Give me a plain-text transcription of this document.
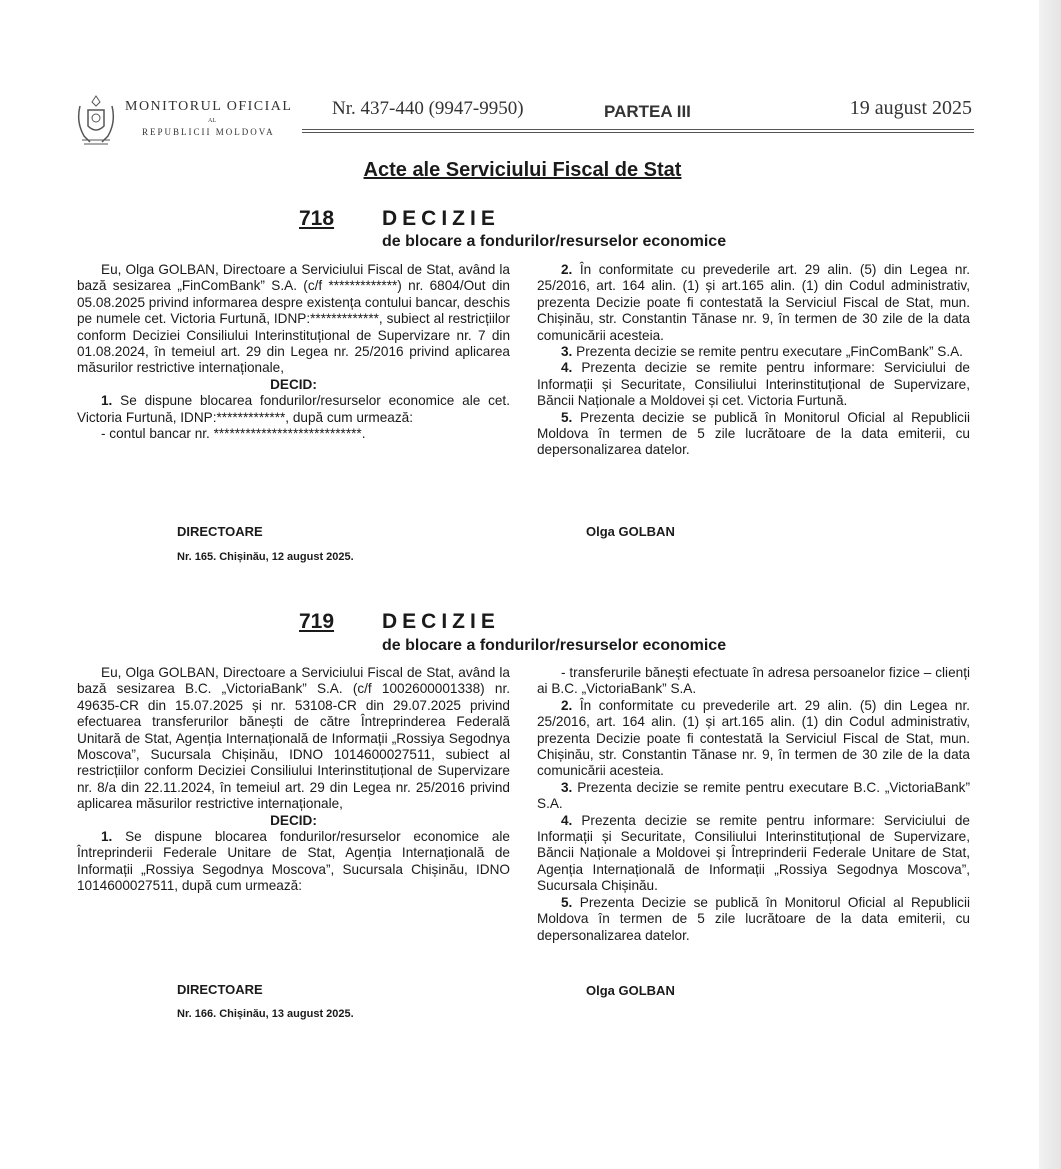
MONITORUL OFICIAL
AL
REPUBLICII MOLDOVA
Nr. 437-440 (9947-9950)	PARTEA III	19 august 2025
Acte ale Serviciului Fiscal de Stat
718 DECIZIE
de blocare a fondurilor/resurselor economice

Eu, Olga GOLBAN, Directoare a Serviciului Fiscal de Stat, având la bază sesizarea „FinComBank” S.A. (c/f *************) nr. 6804/Out din 05.08.2025 privind informarea despre existența contului bancar, deschis pe numele cet. Victoria Furtună, IDNP:*************, subiect al restricțiilor conform Deciziei Consiliului Interinstituțional de Supervizare nr. 7 din 01.08.2024, în temeiul art. 29 din Legea nr. 25/2016 privind aplicarea măsurilor restrictive internaționale,

DECID:

1. Se dispune blocarea fondurilor/resurselor economice ale cet. Victoria Furtună, IDNP:*************, după cum urmează:

- contul bancar nr. ****************************.

2. În conformitate cu prevederile art. 29 alin. (5) din Legea nr. 25/2016, art. 164 alin. (1) și art.165 alin. (1) din Codul administrativ, prezenta Decizie poate fi contestată la Serviciul Fiscal de Stat, mun. Chișinău, str. Constantin Tănase nr. 9, în termen de 30 zile de la data comunicării acesteia.

3. Prezenta decizie se remite pentru executare „FinComBank” S.A.

4. Prezenta decizie se remite pentru informare: Serviciului de Informații și Securitate, Consiliului Interinstituțional de Supervizare, Băncii Naționale a Moldovei și cet. Victoria Furtună.

5. Prezenta decizie se publică în Monitorul Oficial al Republicii Moldova în termen de 5 zile lucrătoare de la data emiterii, cu depersonalizarea datelor.

DIRECTOARE	Olga GOLBAN
Nr. 165. Chișinău, 12 august 2025.
719 DECIZIE
de blocare a fondurilor/resurselor economice

Eu, Olga GOLBAN, Directoare a Serviciului Fiscal de Stat, având la bază sesizarea B.C. „VictoriaBank” S.A. (c/f 1002600001338) nr. 49635-CR din 15.07.2025 și nr. 53108-CR din 29.07.2025 privind efectuarea transferurilor bănești de către Întreprinderea Federală Unitară de Stat, Agenția Internațională de Informații „Rossiya Segodnya Moscova”, Sucursala Chișinău, IDNO 1014600027511, subiect al restricțiilor conform Deciziei Consiliului Interinstituțional de Supervizare nr. 8/a din 22.11.2024, în temeiul art. 29 din Legea nr. 25/2016 privind aplicarea măsurilor restrictive internaționale,

DECID:

1. Se dispune blocarea fondurilor/resurselor economice ale Întreprinderii Federale Unitare de Stat, Agenția Internațională de Informații „Rossiya Segodnya Moscova”, Sucursala Chișinău, IDNO 1014600027511, după cum urmează:

- transferurile bănești efectuate în adresa persoanelor fizice – clienți ai B.C. „VictoriaBank” S.A.

2. În conformitate cu prevederile art. 29 alin. (5) din Legea nr. 25/2016, art. 164 alin. (1) și art.165 alin. (1) din Codul administrativ, prezenta Decizie poate fi contestată la Serviciul Fiscal de Stat, mun. Chișinău, str. Constantin Tănase nr. 9, în termen de 30 zile de la data comunicării acesteia.

3. Prezenta decizie se remite pentru executare B.C. „VictoriaBank” S.A.

4. Prezenta decizie se remite pentru informare: Serviciului de Informații și Securitate, Consiliului Interinstituțional de Supervizare, Băncii Naționale a Moldovei și Întreprinderii Federale Unitare de Stat, Agenția Internațională de Informații „Rossiya Segodnya Moscova”, Sucursala Chișinău.

5. Prezenta Decizie se publică în Monitorul Oficial al Republicii Moldova în termen de 5 zile lucrătoare de la data emiterii, cu depersonalizarea datelor.

DIRECTOARE	Olga GOLBAN
Nr. 166. Chișinău, 13 august 2025.
